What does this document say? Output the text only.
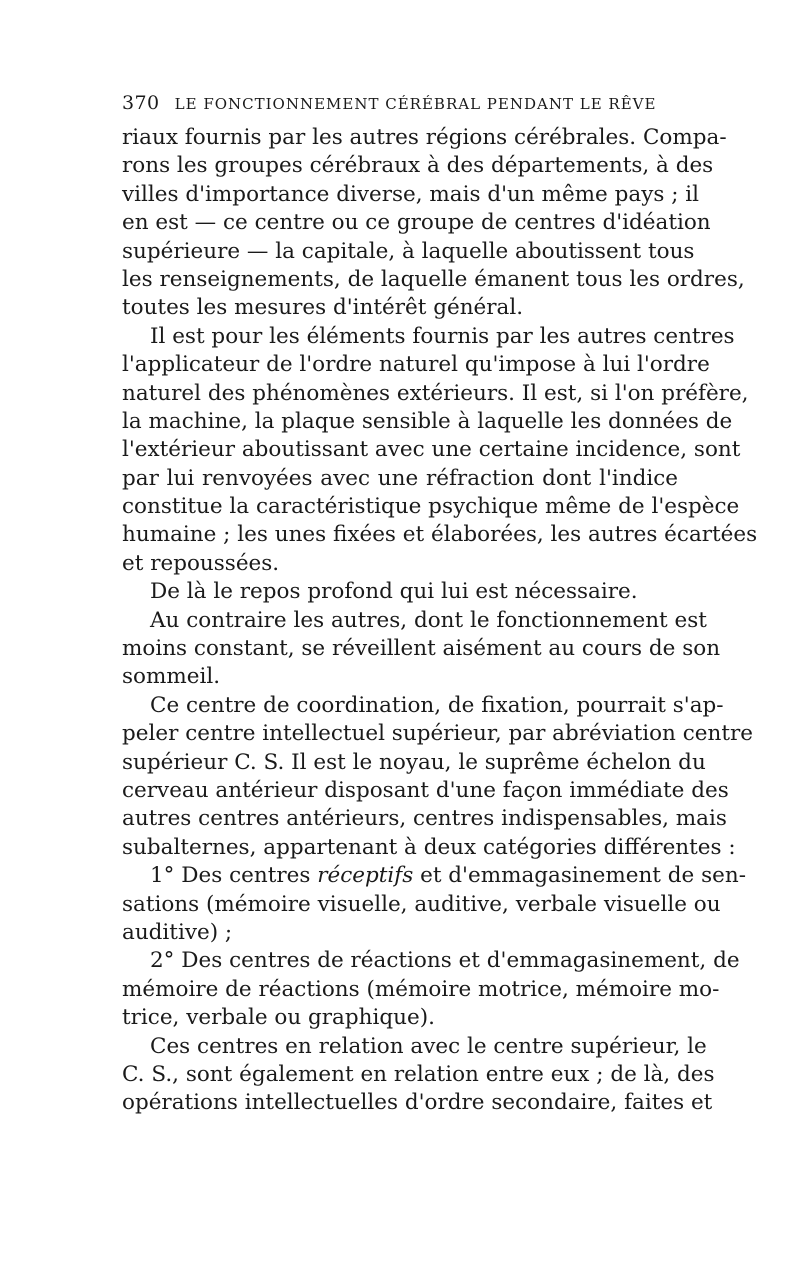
370 LE FONCTIONNEMENT CÉRÉBRAL PENDANT LE RÊVE
riaux fournis par les autres régions cérébrales. Compa-
rons les groupes cérébraux à des départements, à des
villes d'importance diverse, mais d'un même pays ; il
en est — ce centre ou ce groupe de centres d'idéation
supérieure — la capitale, à laquelle aboutissent tous
les renseignements, de laquelle émanent tous les ordres,
toutes les mesures d'intérêt général.
Il est pour les éléments fournis par les autres centres
l'applicateur de l'ordre naturel qu'impose à lui l'ordre
naturel des phénomènes extérieurs. Il est, si l'on préfère,
la machine, la plaque sensible à laquelle les données de
l'extérieur aboutissant avec une certaine incidence, sont
par lui renvoyées avec une réfraction dont l'indice
constitue la caractéristique psychique même de l'espèce
humaine ; les unes fixées et élaborées, les autres écartées
et repoussées.
De là le repos profond qui lui est nécessaire.
Au contraire les autres, dont le fonctionnement est
moins constant, se réveillent aisément au cours de son
sommeil.
Ce centre de coordination, de fixation, pourrait s'ap-
peler centre intellectuel supérieur, par abréviation centre
supérieur C. S. Il est le noyau, le suprême échelon du
cerveau antérieur disposant d'une façon immédiate des
autres centres antérieurs, centres indispensables, mais
subalternes, appartenant à deux catégories différentes :
1° Des centres réceptifs et d'emmagasinement de sen-
sations (mémoire visuelle, auditive, verbale visuelle ou
auditive) ;
2° Des centres de réactions et d'emmagasinement, de
mémoire de réactions (mémoire motrice, mémoire mo-
trice, verbale ou graphique).
Ces centres en relation avec le centre supérieur, le
C. S., sont également en relation entre eux ; de là, des
opérations intellectuelles d'ordre secondaire, faites et
